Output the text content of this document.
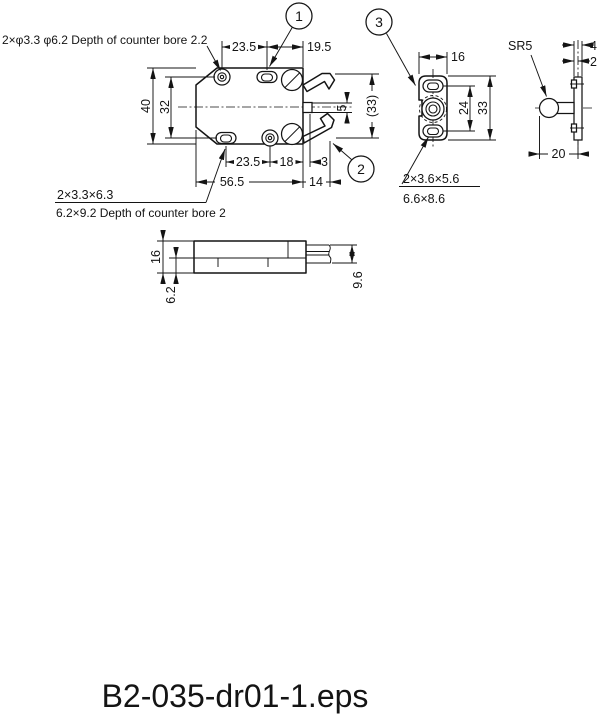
23.5	19.5
40 32
23.5 18 3
56.5	14
5 (33)
2×φ3.3 φ6.2 Depth of counter bore 2.2
2×3.3×6.3
6.2×9.2 Depth of counter bore 2
1
2
3
16
24 33
2×3.6×5.6
6.6×8.6
4
2
20
SR5
16
6.2
9.6
B2-035-dr01-1.eps
